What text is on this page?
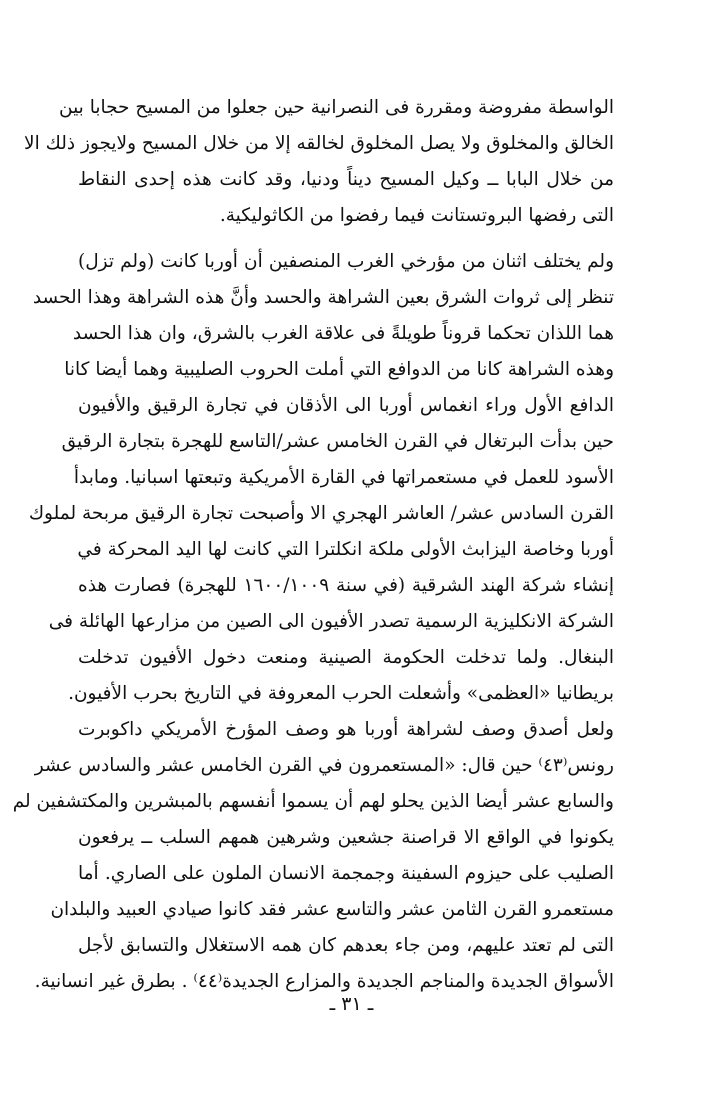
الواسطة مفروضة ومقررة فى النصرانية حين جعلوا من المسيح حجابا بين
الخالق والمخلوق ولا يصل المخلوق لخالقه إلا من خلال المسيح ولايجوز ذلك الا
من خلال البابا ــ وكيل المسيح ديناً ودنيا، وقد كانت هذه إحدى النقاط
التى رفضها البروتستانت فيما رفضوا من الكاثوليكية.
ولم يختلف اثنان من مؤرخي الغرب المنصفين أن أوربا كانت (ولم تزل)
تنظر إلى ثروات الشرق بعين الشراهة والحسد وأنَّ هذه الشراهة وهذا الحسد
هما اللذان تحكما قروناً طويلةً فى علاقة الغرب بالشرق، وان هذا الحسد
وهذه الشراهة كانا من الدوافع التي أملت الحروب الصليبية وهما أيضا كانا
الدافع الأول وراء انغماس أوربا الى الأذقان في تجارة الرقيق والأفيون
حين بدأت البرتغال في القرن الخامس عشر/التاسع للهجرة بتجارة الرقيق
الأسود للعمل في مستعمراتها في القارة الأمريكية وتبعتها اسبانيا. ومابدأ
القرن السادس عشر/ العاشر الهجري الا وأصبحت تجارة الرقيق مربحة لملوك
أوربا وخاصة اليزابث الأولى ملكة انكلترا التي كانت لها اليد المحركة في
إنشاء شركة الهند الشرقية (في سنة ١٦٠٠/١٠٠٩ للهجرة) فصارت هذه
الشركة الانكليزية الرسمية تصدر الأفيون الى الصين من مزارعها الهائلة فى
البنغال. ولما تدخلت الحكومة الصينية ومنعت دخول الأفيون تدخلت
بريطانيا «العظمى» وأشعلت الحرب المعروفة في التاريخ بحرب الأفيون.
ولعل أصدق وصف لشراهة أوربا هو وصف المؤرخ الأمريكي داكوبرت
رونس⁽٤٣⁾ حين قال: «المستعمرون في القرن الخامس عشر والسادس عشر
والسابع عشر أيضا الذين يحلو لهم أن يسموا أنفسهم بالمبشرين والمكتشفين لم
يكونوا في الواقع الا قراصنة جشعين وشرهين همهم السلب ــ يرفعون
الصليب على حيزوم السفينة وجمجمة الانسان الملون على الصاري. أما
مستعمرو القرن الثامن عشر والتاسع عشر فقد كانوا صيادي العبيد والبلدان
التى لم تعتد عليهم، ومن جاء بعدهم كان همه الاستغلال والتسابق لأجل
الأسواق الجديدة والمناجم الجديدة والمزارع الجديدة⁽٤٤⁾ . بطرق غير انسانية.
ـ ٣١ ـ
